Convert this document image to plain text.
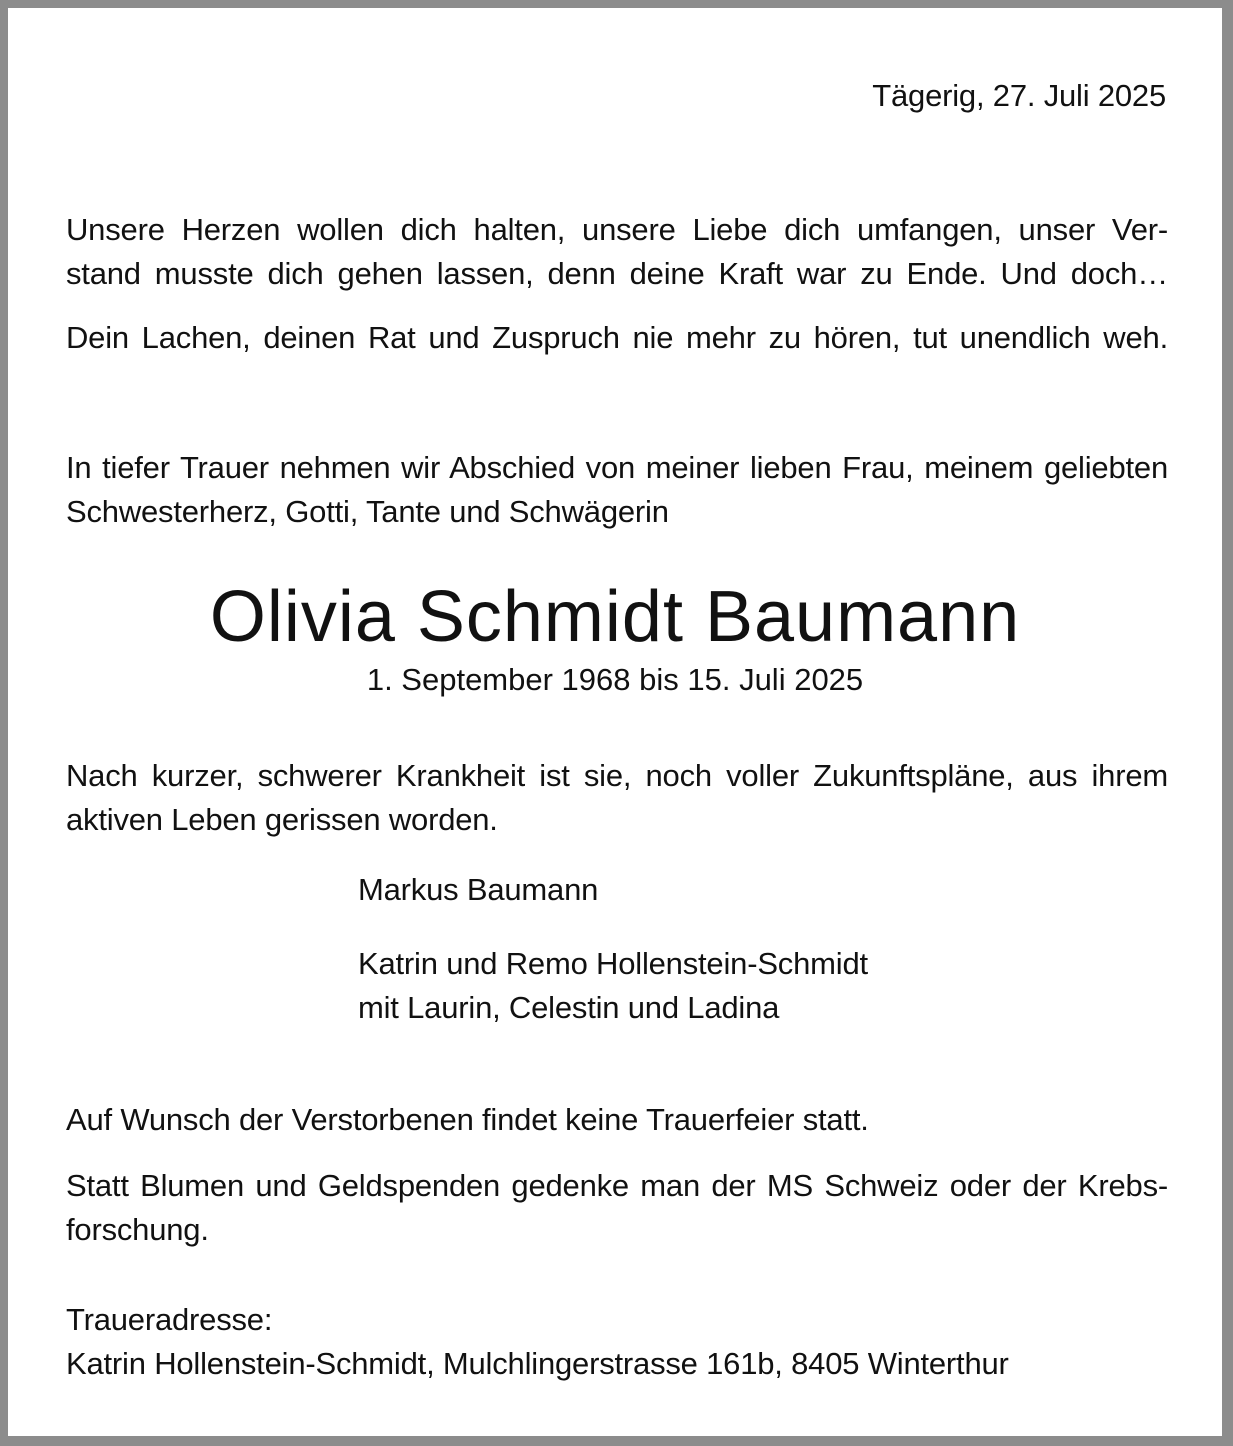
Tägerig, 27. Juli 2025
Unsere Herzen wollen dich halten, unsere Liebe dich umfangen, unser Ver-
stand musste dich gehen lassen, denn deine Kraft war zu Ende. Und doch…
Dein Lachen, deinen Rat und Zuspruch nie mehr zu hören, tut unendlich weh.
In tiefer Trauer nehmen wir Abschied von meiner lieben Frau, meinem geliebten
Schwesterherz, Gotti, Tante und Schwägerin
Olivia Schmidt Baumann
1. September 1968 bis 15. Juli 2025
Nach kurzer, schwerer Krankheit ist sie, noch voller Zukunftspläne, aus ihrem
aktiven Leben gerissen worden.
Markus Baumann
Katrin und Remo Hollenstein-Schmidt
mit Laurin, Celestin und Ladina
Auf Wunsch der Verstorbenen findet keine Trauerfeier statt.
Statt Blumen und Geldspenden gedenke man der MS Schweiz oder der Krebs-
forschung.
Traueradresse:
Katrin Hollenstein-Schmidt, Mulchlingerstrasse 161b, 8405 Winterthur
